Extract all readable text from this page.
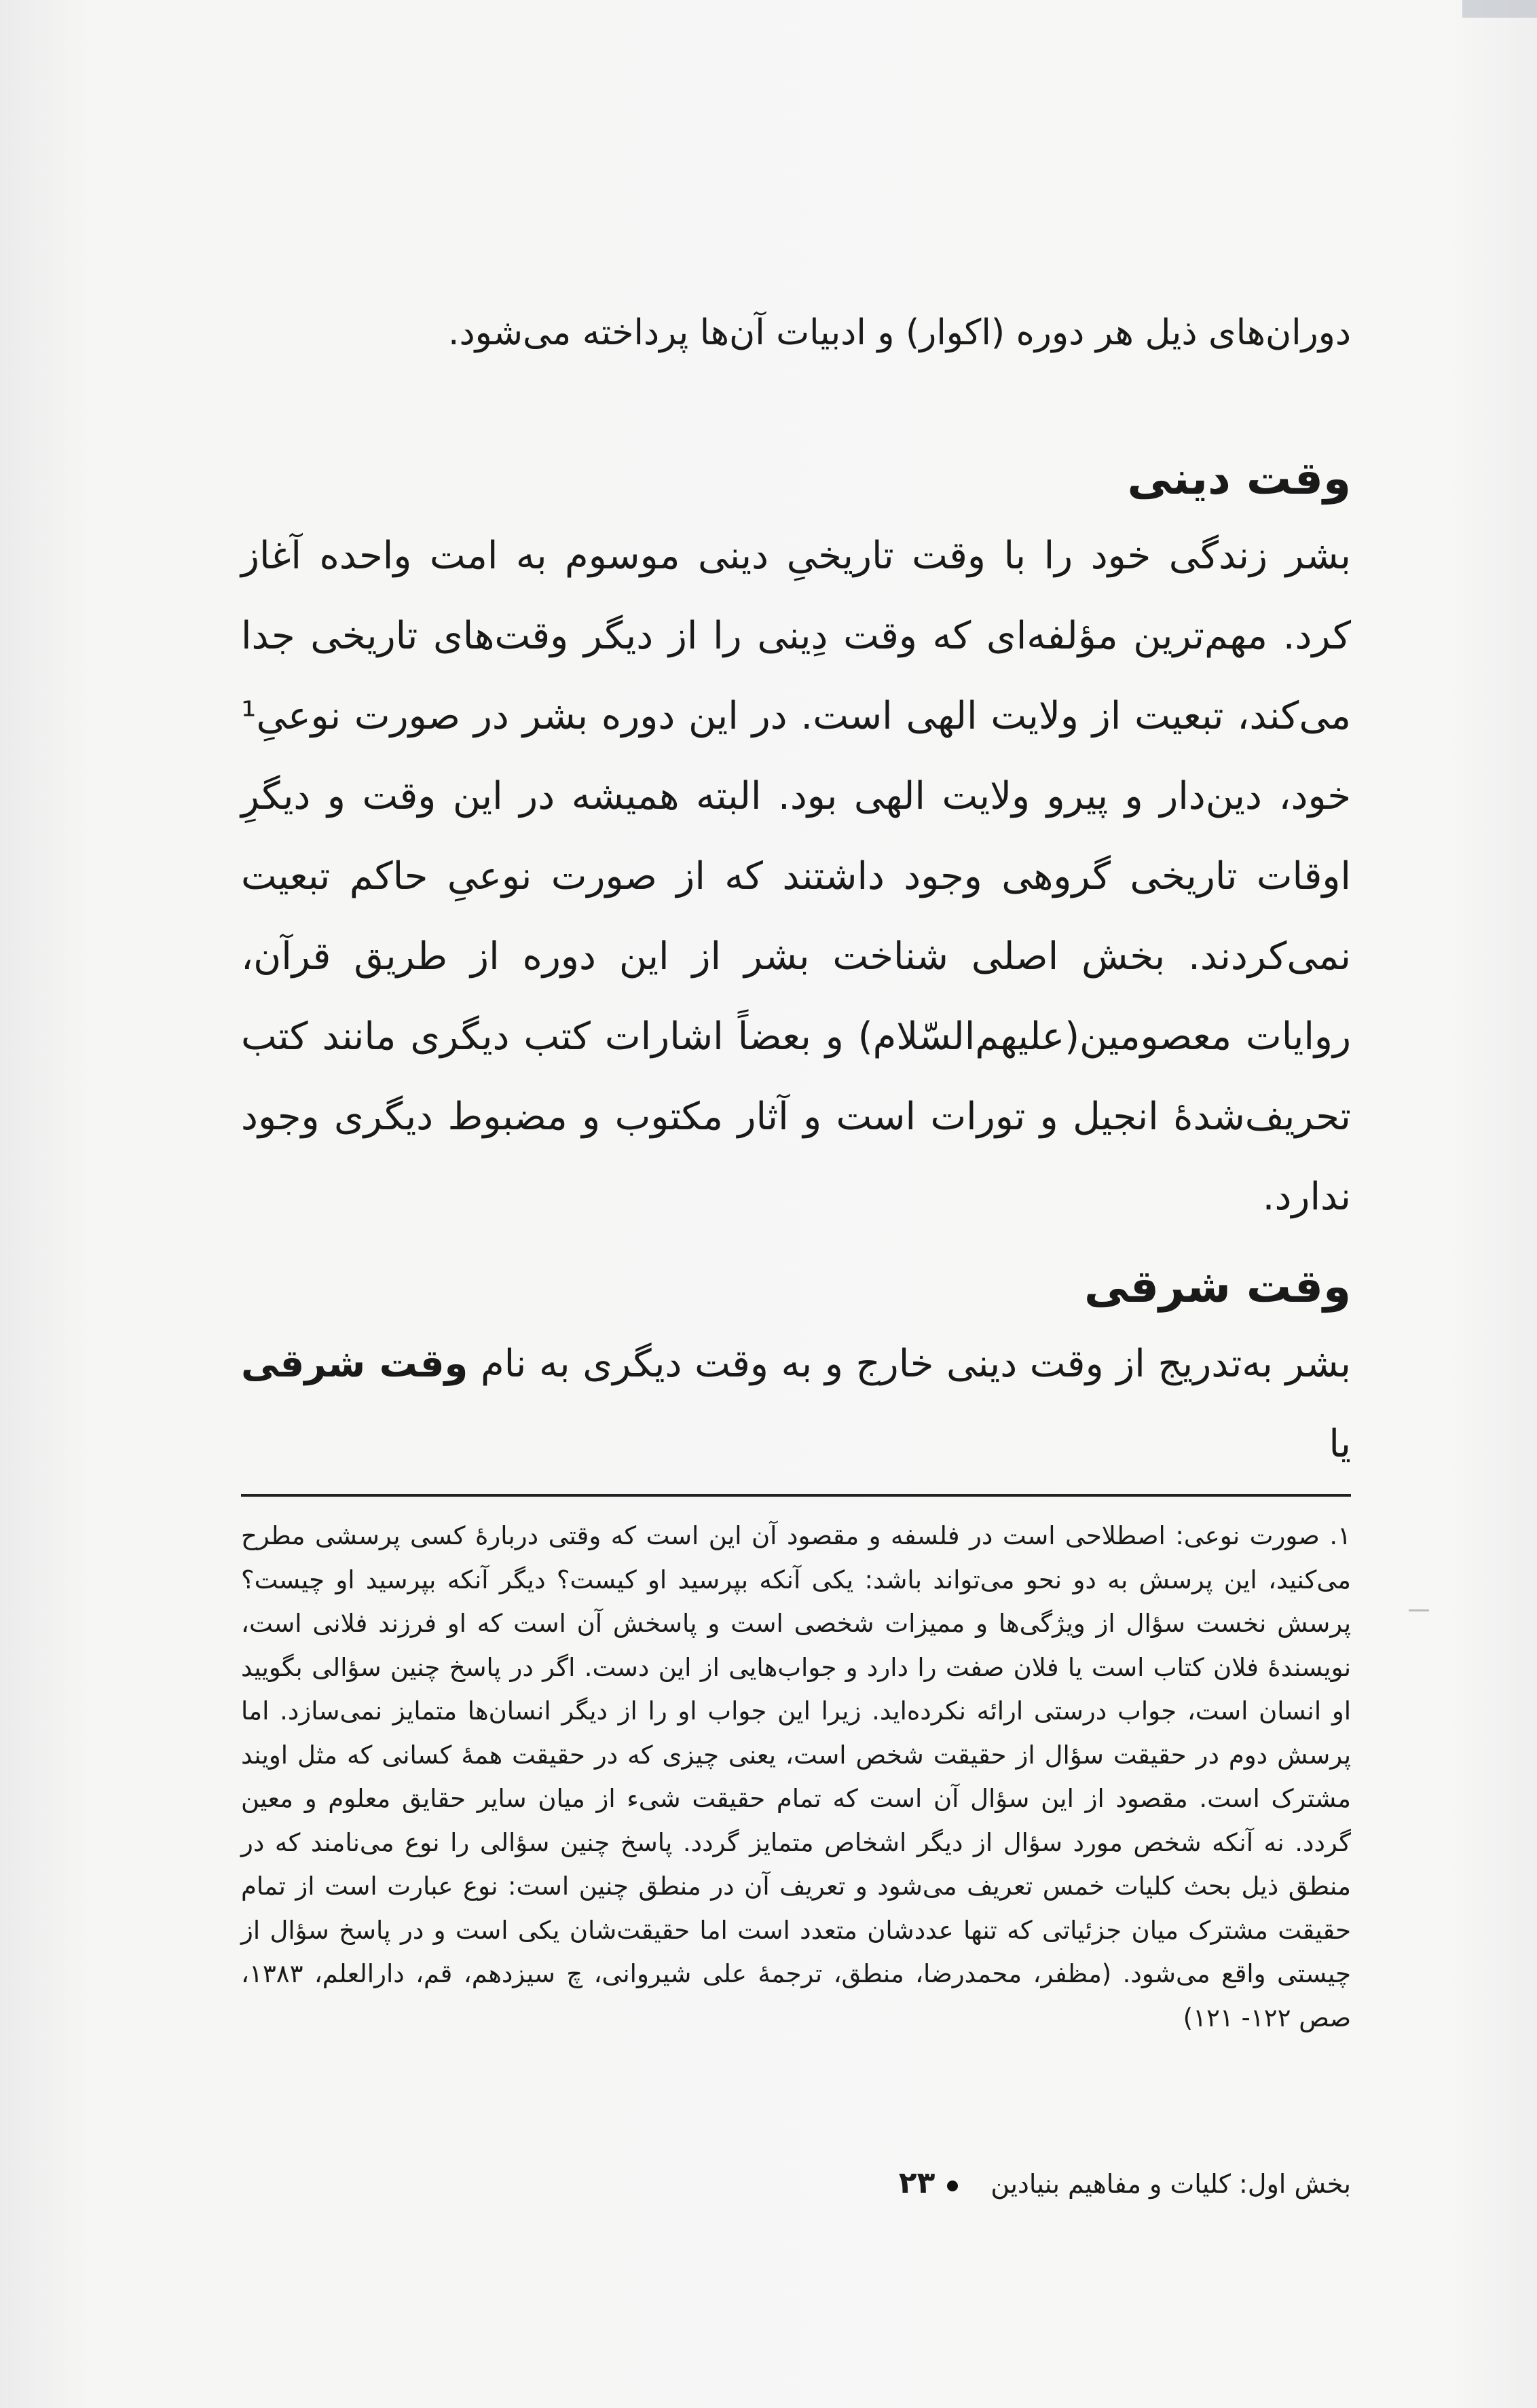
دوران‌های ذیل هر دوره (اکوار) و ادبیات آن‌ها پرداخته می‌شود.
وقت دینی
بشر زندگی خود را با وقت تاریخیِ دینی موسوم به امت واحده آغاز کرد. مهم‌ترین مؤلفه‌ای که وقت دِینی را از دیگر وقت‌های تاریخی جدا می‌کند، تبعیت از ولایت الهی است. در این دوره بشر در صورت نوعیِ¹ خود، دین‌دار و پیرو ولایت الهی بود. البته همیشه در این وقت و دیگرِ اوقات تاریخی گروهی وجود داشتند که از صورت نوعیِ حاکم تبعیت نمی‌کردند. بخش اصلی شناخت بشر از این دوره از طریق قرآن، روایات معصومین(علیهم‌السّلام) و بعضاً اشارات کتب دیگری مانند کتب تحریف‌شدۀ انجیل و تورات است و آثار مکتوب و مضبوط دیگری وجود ندارد.
وقت شرقی
بشر به‌تدریج از وقت دینی خارج و به وقت دیگری به نام وقت شرقی یا
۱. صورت نوعی: اصطلاحی است در فلسفه و مقصود آن این است که وقتی دربارۀ کسی پرسشی مطرح می‌کنید، این پرسش به دو نحو می‌تواند باشد: یکی آنکه بپرسید او کیست؟ دیگر آنکه بپرسید او چیست؟ پرسش نخست سؤال از ویژگی‌ها و ممیزات شخصی است و پاسخش آن است که او فرزند فلانی است، نویسندۀ فلان کتاب است یا فلان صفت را دارد و جواب‌هایی از این دست. اگر در پاسخ چنین سؤالی بگویید او انسان است، جواب درستی ارائه نکرده‌اید. زیرا این جواب او را از دیگر انسان‌ها متمایز نمی‌سازد. اما پرسش دوم در حقیقت سؤال از حقیقت شخص است، یعنی چیزی که در حقیقت همۀ کسانی که مثل اویند مشترک است. مقصود از این سؤال آن است که تمام حقیقت شیء از میان سایر حقایق معلوم و معین گردد. نه آنکه شخص مورد سؤال از دیگر اشخاص متمایز گردد. پاسخ چنین سؤالی را نوع می‌نامند که در منطق ذیل بحث کلیات خمس تعریف می‌شود و تعریف آن در منطق چنین است: نوع عبارت است از تمام حقیقت مشترک میان جزئیاتی که تنها عددشان متعدد است اما حقیقت‌شان یکی است و در پاسخ سؤال از چیستی واقع می‌شود. (مظفر، محمدرضا، منطق، ترجمۀ علی شیروانی، چ سیزدهم، قم، دارالعلم، ۱۳۸۳، صص ۱۲۲- ۱۲۱)
بخش اول: کلیات و مفاهیم بنیادین۲۳
